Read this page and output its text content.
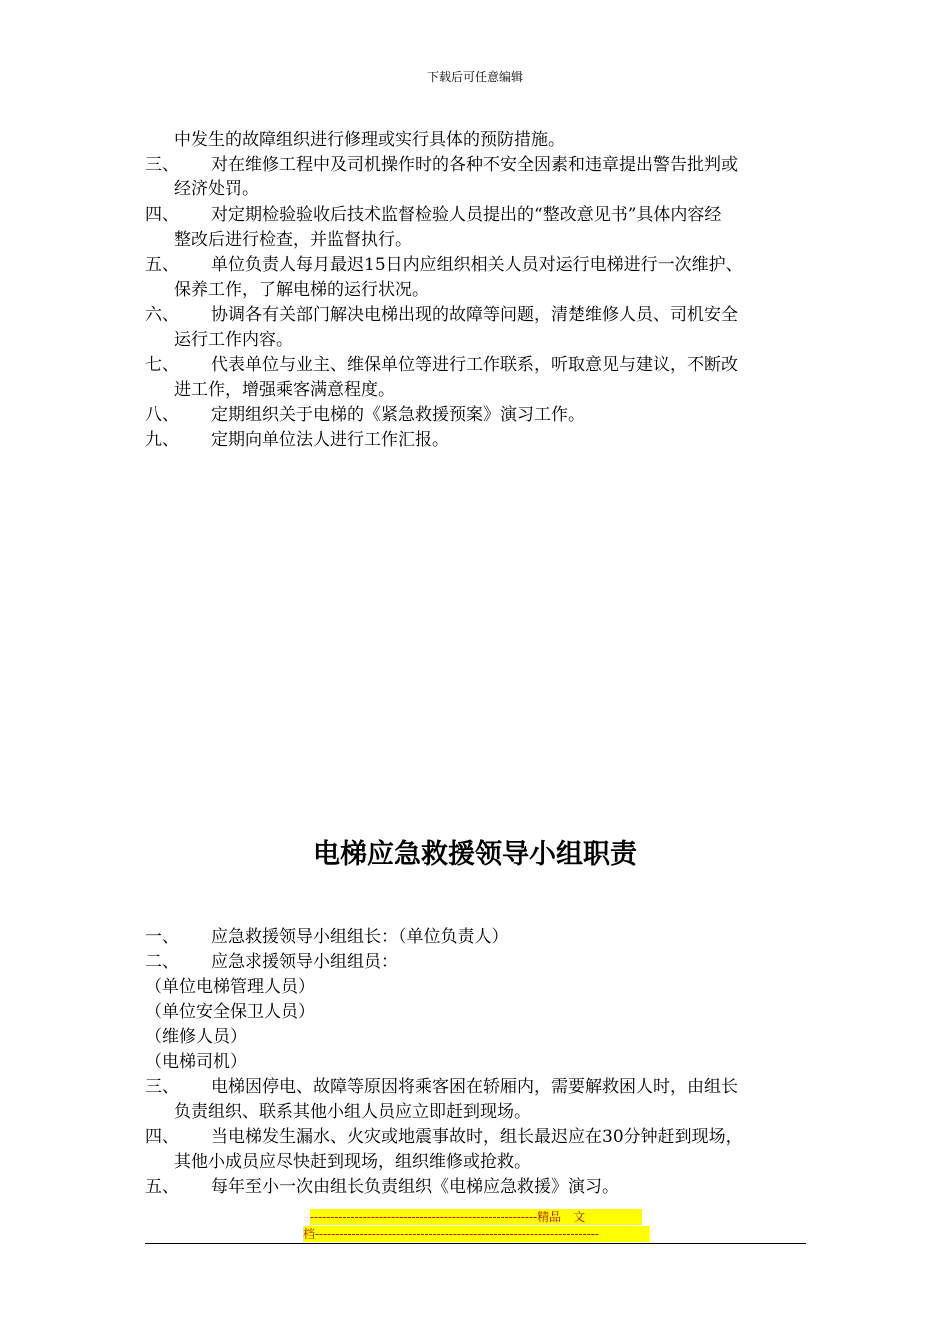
下载后可任意编辑
中发生的故障组织进行修理或实行具体的预防措施。
三、 对在维修工程中及司机操作时的各种不安全因素和违章提出警告批判或
经济处罚。
四、 对定期检验验收后技术监督检验人员提出的“整改意见书”具体内容经
整改后进行检查，并监督执行。
五、 单位负责人每月最迟15日内应组织相关人员对运行电梯进行一次维护、
保养工作，了解电梯的运行状况。
六、 协调各有关部门解决电梯出现的故障等问题，清楚维修人员、司机安全
运行工作内容。
七、 代表单位与业主、维保单位等进行工作联系，听取意见与建议，不断改
进工作，增强乘客满意程度。
八、 定期组织关于电梯的《紧急救援预案》演习工作。
九、 定期向单位法人进行工作汇报。
电梯应急救援领导小组职责
一、 应急救援领导小组组长：（单位负责人）
二、 应急求援领导小组组员：
（单位电梯管理人员）
（单位安全保卫人员）
（维修人员）
（电梯司机）
三、 电梯因停电、故障等原因将乘客困在轿厢内，需要解救困人时，由组长
负责组织、联系其他小组人员应立即赶到现场。
四、 当电梯发生漏水、火灾或地震事故时，组长最迟应在30分钟赶到现场，
其他小成员应尽快赶到现场，组织维修或抢救。
五、 每年至小一次由组长负责组织《电梯应急救援》演习。
--------------------------------------------------------精品　文
档----------------------------------------------------------------------
